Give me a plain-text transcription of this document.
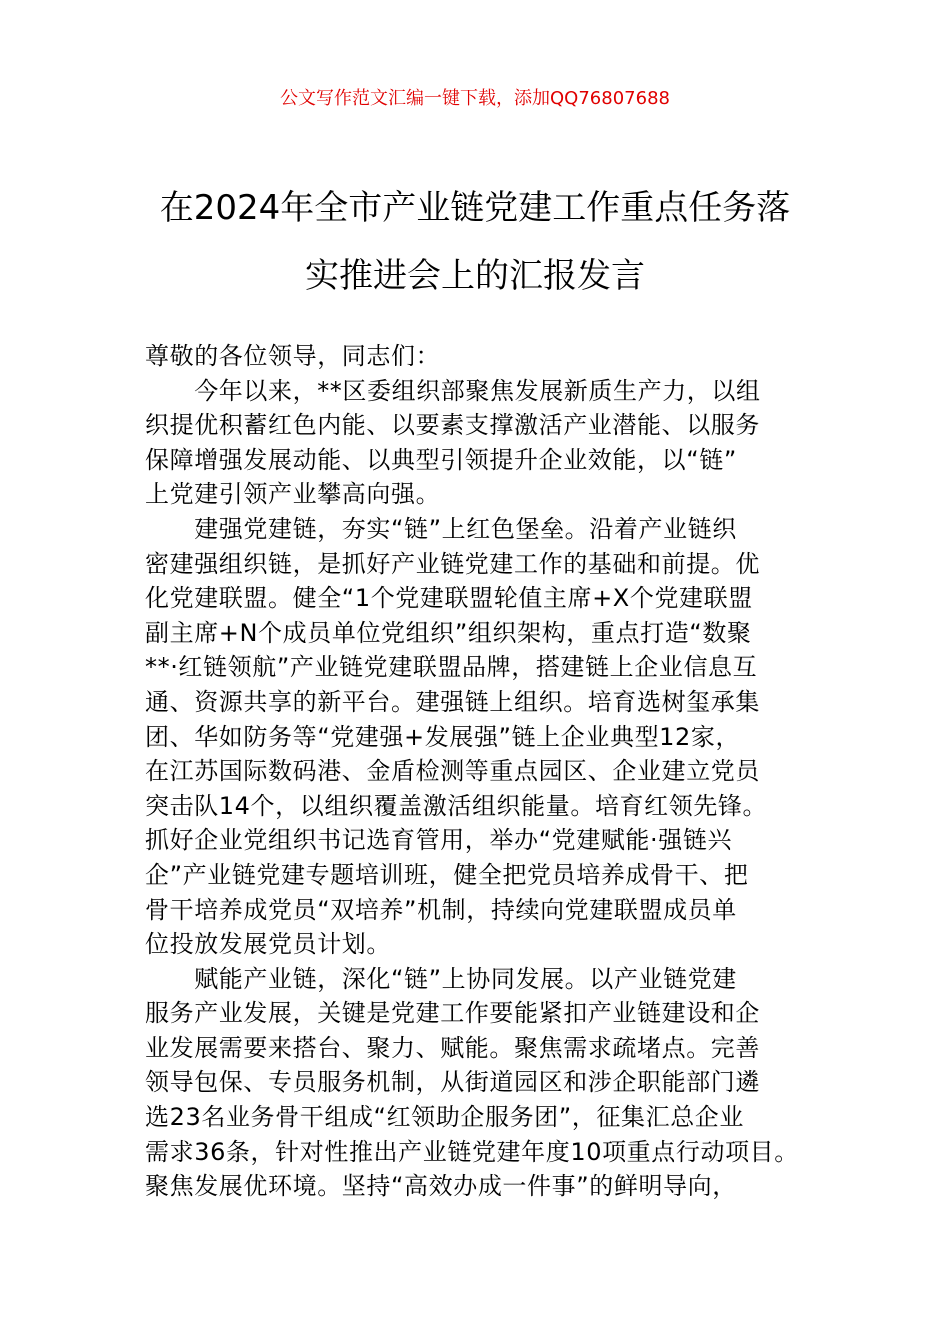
公文写作范文汇编一键下载，添加QQ76807688
在2024年全市产业链党建工作重点任务落
实推进会上的汇报发言
尊敬的各位领导，同志们：
　　今年以来，**区委组织部聚焦发展新质生产力，以组
织提优积蓄红色内能、以要素支撑激活产业潜能、以服务
保障增强发展动能、以典型引领提升企业效能，以“链”
上党建引领产业攀高向强。
　　建强党建链，夯实“链”上红色堡垒。沿着产业链织
密建强组织链，是抓好产业链党建工作的基础和前提。优
化党建联盟。健全“1个党建联盟轮值主席+X个党建联盟
副主席+N个成员单位党组织”组织架构，重点打造“数聚
**·红链领航”产业链党建联盟品牌，搭建链上企业信息互
通、资源共享的新平台。建强链上组织。培育选树玺承集
团、华如防务等“党建强+发展强”链上企业典型12家，
在江苏国际数码港、金盾检测等重点园区、企业建立党员
突击队14个，以组织覆盖激活组织能量。培育红领先锋。
抓好企业党组织书记选育管用，举办“党建赋能·强链兴
企”产业链党建专题培训班，健全把党员培养成骨干、把
骨干培养成党员“双培养”机制，持续向党建联盟成员单
位投放发展党员计划。
　　赋能产业链，深化“链”上协同发展。以产业链党建
服务产业发展，关键是党建工作要能紧扣产业链建设和企
业发展需要来搭台、聚力、赋能。聚焦需求疏堵点。完善
领导包保、专员服务机制，从街道园区和涉企职能部门遴
选23名业务骨干组成“红领助企服务团”，征集汇总企业
需求36条，针对性推出产业链党建年度10项重点行动项目。
聚焦发展优环境。坚持“高效办成一件事”的鲜明导向，
